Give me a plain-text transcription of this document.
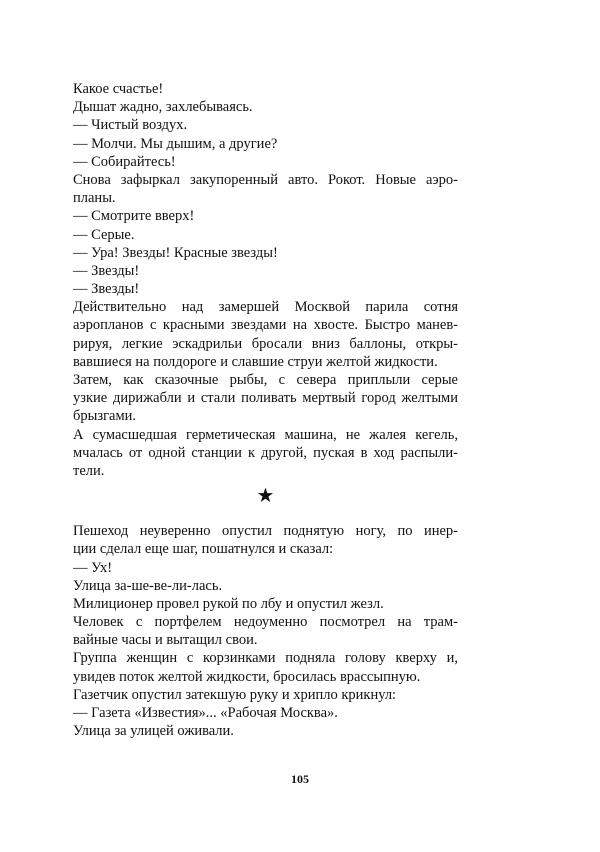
Какое счастье!
Дышат жадно, захлебываясь.
— Чистый воздух.
— Молчи. Мы дышим, а другие?
— Собирайтесь!
Снова зафыркал закупоренный авто. Рокот. Новые аэро-
планы.
— Смотрите вверх!
— Серые.
— Ура! Звезды! Красные звезды!
— Звезды!
— Звезды!
Действительно над замершей Москвой парила сотня
аэропланов с красными звездами на хвосте. Быстро манев-
рируя, легкие эскадрильи бросали вниз баллоны, откры-
вавшиеся на полдороге и славшие струи желтой жидкости.
Затем, как сказочные рыбы, с севера приплыли серые
узкие дирижабли и стали поливать мертвый город желтыми
брызгами.
А сумасшедшая герметическая машина, не жалея кегель,
мчалась от одной станции к другой, пуская в ход распыли-
тели.
★
Пешеход неуверенно опустил поднятую ногу, по инер-
ции сделал еще шаг, пошатнулся и сказал:
— Ух!
Улица за-ше-ве-ли-лась.
Милиционер провел рукой по лбу и опустил жезл.
Человек с портфелем недоуменно посмотрел на трам-
вайные часы и вытащил свои.
Группа женщин с корзинками подняла голову кверху и,
увидев поток желтой жидкости, бросилась врассыпную.
Газетчик опустил затекшую руку и хрипло крикнул:
— Газета «Известия»... «Рабочая Москва».
Улица за улицей оживали.
105
